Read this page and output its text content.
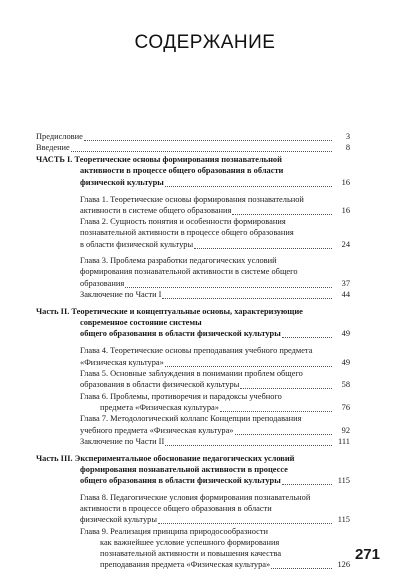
СОДЕРЖАНИЕ
Предисловие	3
Введение	8
ЧАСТЬ I. Теоретические основы формирования познавательной
активности в процессе общего образования в области
физической культуры	16
Глава 1. Теоретические основы формирования познавательной
активности в системе общего образования	16
Глава 2. Сущность понятия и особенности формирования
познавательной активности в процессе общего образования
в области физической культуры	24
Глава 3. Проблема разработки педагогических условий
формирования познавательной активности в системе общего
образования	37
Заключение по Части I	44
Часть II. Теоретические и концептуальные основы, характеризующие
современное состояние системы
общего образования в области физической культуры	49
Глава 4. Теоретические основы преподавания учебного предмета
«Физическая культура»	49
Глава 5. Основные заблуждения в понимании проблем общего
образования в области физической культуры	58
Глава 6. Проблемы, противоречия и парадоксы учебного
предмета «Физическая культура»	76
Глава 7. Методологический коллапс Концепции преподавания
учебного предмета «Физическая культура»	92
Заключение по Части II	111
Часть III. Экспериментальное обоснование педагогических условий
формирования познавательной активности в процессе
общего образования в области физической культуры	115
Глава 8. Педагогические условия формирования познавательной
активности в процессе общего образования в области
физической культуры	115
Глава 9. Реализация принципа природосообразности
как важнейшее условие успешного формирования
познавательной активности и повышения качества
преподавания предмета «Физическая культура»	126
271
